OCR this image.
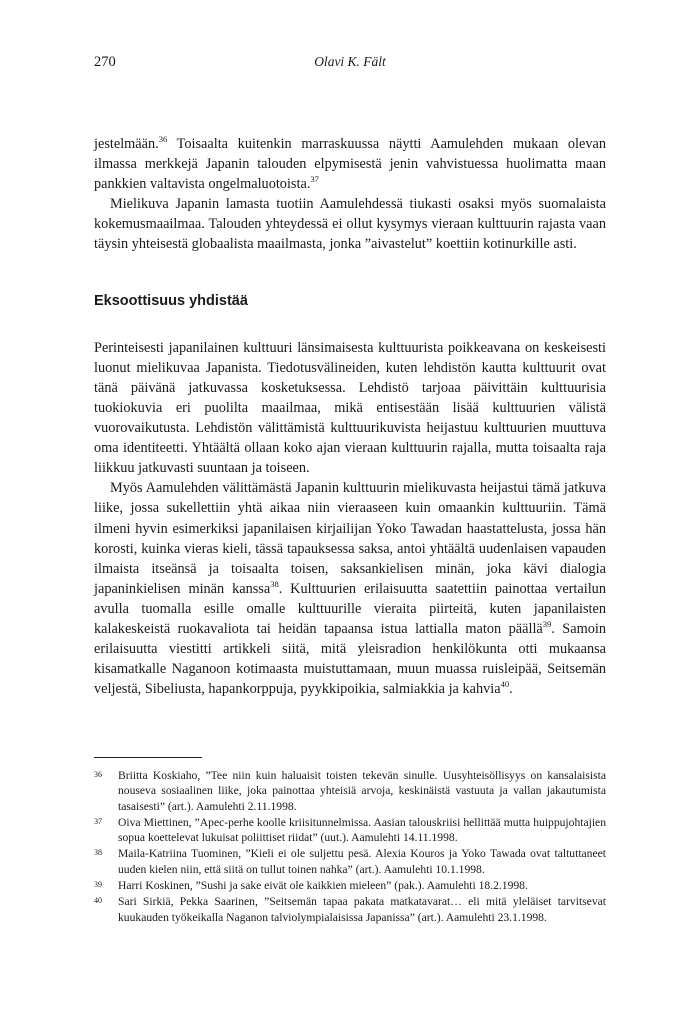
270	Olavi K. Fält

jestelmään.$^{36}$ Toisaalta kuitenkin marraskuussa näytti Aamulehden mukaan olevan ilmassa merkkejä Japanin talouden elpymisestä jenin vahvistuessa huolimatta maan pankkien valtavista ongelmaluotoista.$^{37}$

Mielikuva Japanin lamasta tuotiin Aamulehdessä tiukasti osaksi myös suomalaista kokemusmaailmaa. Talouden yhteydessä ei ollut kysymys vieraan kulttuurin rajasta vaan täysin yhteisestä globaalista maailmasta, jonka ”aivastelut” koettiin kotinurkille asti.

Eksoottisuus yhdistää

Perinteisesti japanilainen kulttuuri länsimaisesta kulttuurista poikkeavana on keskeisesti luonut mielikuvaa Japanista. Tiedotusvälineiden, kuten lehdistön kautta kulttuurit ovat tänä päivänä jatkuvassa kosketuksessa. Lehdistö tarjoaa päivittäin kulttuurisia tuokiokuvia eri puolilta maailmaa, mikä entisestään lisää kulttuurien välistä vuorovaikutusta. Lehdistön välittämistä kulttuurikuvista heijastuu kulttuurien muuttuva oma identiteetti. Yhtäältä ollaan koko ajan vieraan kulttuurin rajalla, mutta toisaalta raja liikkuu jatkuvasti suuntaan ja toiseen.

Myös Aamulehden välittämästä Japanin kulttuurin mielikuvasta heijastui tämä jatkuva liike, jossa sukellettiin yhtä aikaa niin vieraaseen kuin omaankin kulttuuriin. Tämä ilmeni hyvin esimerkiksi japanilaisen kirjailijan Yoko Tawadan haastattelusta, jossa hän korosti, kuinka vieras kieli, tässä tapauksessa saksa, antoi yhtäältä uudenlaisen vapauden ilmaista itseänsä ja toisaalta toisen, saksankielisen minän, joka kävi dialogia japaninkielisen minän kanssa$^{38}$. Kulttuurien erilaisuutta saatettiin painottaa vertailun avulla tuomalla esille omalle kulttuurille vieraita piirteitä, kuten japanilaisten kalakeskeistä ruokavaliota tai heidän tapaansa istua lattialla maton päällä$^{39}$. Samoin erilaisuutta viestitti artikkeli siitä, mitä yleisradion henkilökunta otti mukaansa kisamatkalle Naganoon kotimaasta muistuttamaan, muun muassa ruisleipää, Seitsemän veljestä, Sibeliusta, hapankorppuja, pyykkipoikia, salmiakkia ja kahvia$^{40}$.

36 Briitta Koskiaho, ”Tee niin kuin haluaisit toisten tekevän sinulle. Uusyhteisöllisyys on kansalaisista nouseva sosiaalinen liike, joka painottaa yhteisiä arvoja, keskinäistä vastuuta ja vallan jakautumista tasaisesti” (art.). Aamulehti 2.11.1998.
37 Oiva Miettinen, ”Apec-perhe koolle kriisitunnelmissa. Aasian talouskriisi hellittää mutta huippujohtajien sopua koettelevat lukuisat poliittiset riidat” (uut.). Aamulehti 14.11.1998.
38 Maila-Katriina Tuominen, ”Kieli ei ole suljettu pesä. Alexia Kouros ja Yoko Tawada ovat taltuttaneet uuden kielen niin, että siitä on tullut toinen nahka” (art.). Aamulehti 10.1.1998.
39 Harri Koskinen, ”Sushi ja sake eivät ole kaikkien mieleen” (pak.). Aamulehti 18.2.1998.
40 Sari Sirkiä, Pekka Saarinen, ”Seitsemän tapaa pakata matkatavarat… eli mitä yleläiset tarvitsevat kuukauden työkeikalla Naganon talviolympialaisissa Japanissa” (art.). Aamulehti 23.1.1998.
